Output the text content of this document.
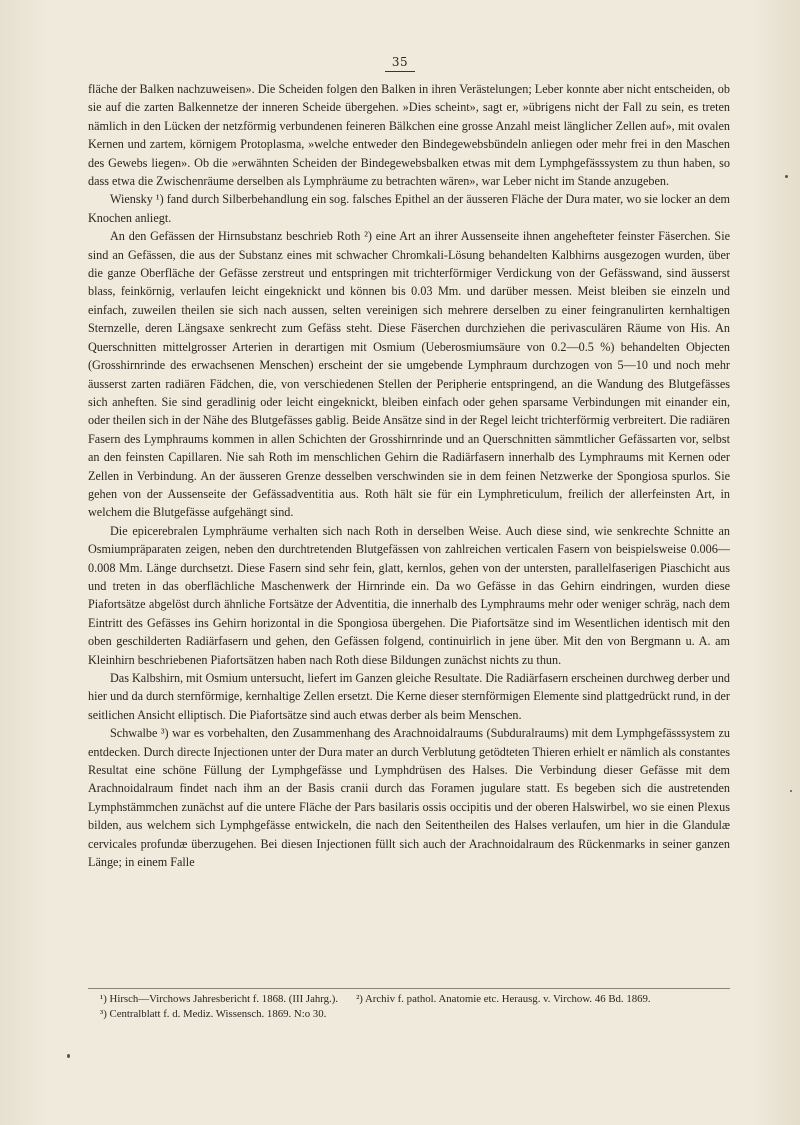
35

fläche der Balken nachzuweisen». Die Scheiden folgen den Balken in ihren Verästelungen; Leber konnte aber nicht entscheiden, ob sie auf die zarten Balkennetze der inneren Scheide übergehen. »Dies scheint», sagt er, »übrigens nicht der Fall zu sein, es treten nämlich in den Lücken der netzförmig verbundenen feineren Bälkchen eine grosse Anzahl meist länglicher Zellen auf», mit ovalen Kernen und zartem, körnigem Protoplasma, »welche entweder den Bindegewebsbündeln anliegen oder mehr frei in den Maschen des Gewebs liegen». Ob die »erwähnten Scheiden der Bindegewebsbalken etwas mit dem Lymphgefässsystem zu thun haben, so dass etwa die Zwischenräume derselben als Lymphräume zu betrachten wären», war Leber nicht im Stande anzugeben.

Wiensky ¹) fand durch Silberbehandlung ein sog. falsches Epithel an der äusseren Fläche der Dura mater, wo sie locker an dem Knochen anliegt.

An den Gefässen der Hirnsubstanz beschrieb Roth ²) eine Art an ihrer Aussenseite ihnen angehefteter feinster Fäserchen. Sie sind an Gefässen, die aus der Substanz eines mit schwacher Chromkali-Lösung behandelten Kalbhirns ausgezogen wurden, über die ganze Oberfläche der Gefässe zerstreut und entspringen mit trichterförmiger Verdickung von der Gefässwand, sind äusserst blass, feinkörnig, verlaufen leicht eingeknickt und können bis 0.03 Mm. und darüber messen. Meist bleiben sie einzeln und einfach, zuweilen theilen sie sich nach aussen, selten vereinigen sich mehrere derselben zu einer feingranulirten kernhaltigen Sternzelle, deren Längsaxe senkrecht zum Gefäss steht. Diese Fäserchen durchziehen die perivasculären Räume von His. An Querschnitten mittelgrosser Arterien in derartigen mit Osmium (Ueberosmiumsäure von 0.2—0.5 %) behandelten Objecten (Grosshirnrinde des erwachsenen Menschen) erscheint der sie umgebende Lymphraum durchzogen von 5—10 und noch mehr äusserst zarten radiären Fädchen, die, von verschiedenen Stellen der Peripherie entspringend, an die Wandung des Blutgefässes sich anheften. Sie sind geradlinig oder leicht eingeknickt, bleiben einfach oder gehen sparsame Verbindungen mit einander ein, oder theilen sich in der Nähe des Blutgefässes gablig. Beide Ansätze sind in der Regel leicht trichterförmig verbreitert. Die radiären Fasern des Lymphraums kommen in allen Schichten der Grosshirnrinde und an Querschnitten sämmtlicher Gefässarten vor, selbst an den feinsten Capillaren. Nie sah Roth im menschlichen Gehirn die Radiärfasern innerhalb des Lymphraums mit Kernen oder Zellen in Verbindung. An der äusseren Grenze desselben verschwinden sie in dem feinen Netzwerke der Spongiosa spurlos. Sie gehen von der Aussenseite der Gefässadventitia aus. Roth hält sie für ein Lymphreticulum, freilich der allerfeinsten Art, in welchem die Blutgefässe aufgehängt sind.

Die epicerebralen Lymphräume verhalten sich nach Roth in derselben Weise. Auch diese sind, wie senkrechte Schnitte an Osmiumpräparaten zeigen, neben den durchtretenden Blutgefässen von zahlreichen verticalen Fasern von beispielsweise 0.006—0.008 Mm. Länge durchsetzt. Diese Fasern sind sehr fein, glatt, kernlos, gehen von der untersten, parallelfaserigen Piaschicht aus und treten in das oberflächliche Maschenwerk der Hirnrinde ein. Da wo Gefässe in das Gehirn eindringen, wurden diese Piafortsätze abgelöst durch ähnliche Fortsätze der Adventitia, die innerhalb des Lymphraums mehr oder weniger schräg, nach dem Eintritt des Gefässes ins Gehirn horizontal in die Spongiosa übergehen. Die Piafortsätze sind im Wesentlichen identisch mit den oben geschilderten Radiärfasern und gehen, den Gefässen folgend, continuirlich in jene über. Mit den von Bergmann u. A. am Kleinhirn beschriebenen Piafortsätzen haben nach Roth diese Bildungen zunächst nichts zu thun.

Das Kalbshirn, mit Osmium untersucht, liefert im Ganzen gleiche Resultate. Die Radiärfasern erscheinen durchweg derber und hier und da durch sternförmige, kernhaltige Zellen ersetzt. Die Kerne dieser sternförmigen Elemente sind plattgedrückt rund, in der seitlichen Ansicht elliptisch. Die Piafortsätze sind auch etwas derber als beim Menschen.

Schwalbe ³) war es vorbehalten, den Zusammenhang des Arachnoidalraums (Subduralraums) mit dem Lymphgefässsystem zu entdecken. Durch directe Injectionen unter der Dura mater an durch Verblutung getödteten Thieren erhielt er nämlich als constantes Resultat eine schöne Füllung der Lymphgefässe und Lymphdrüsen des Halses. Die Verbindung dieser Gefässe mit dem Arachnoidalraum findet nach ihm an der Basis cranii durch das Foramen jugulare statt. Es begeben sich die austretenden Lymphstämmchen zunächst auf die untere Fläche der Pars basilaris ossis occipitis und der oberen Halswirbel, wo sie einen Plexus bilden, aus welchem sich Lymphgefässe entwickeln, die nach den Seitentheilen des Halses verlaufen, um hier in die Glandulæ cervicales profundæ überzugehen. Bei diesen Injectionen füllt sich auch der Arachnoidalraum des Rückenmarks in seiner ganzen Länge; in einem Falle

¹) Hirsch—Virchows Jahresbericht f. 1868. (III Jahrg.). ²) Archiv f. pathol. Anatomie etc. Herausg. v. Virchow. 46 Bd. 1869.
³) Centralblatt f. d. Mediz. Wissensch. 1869. N:o 30.
